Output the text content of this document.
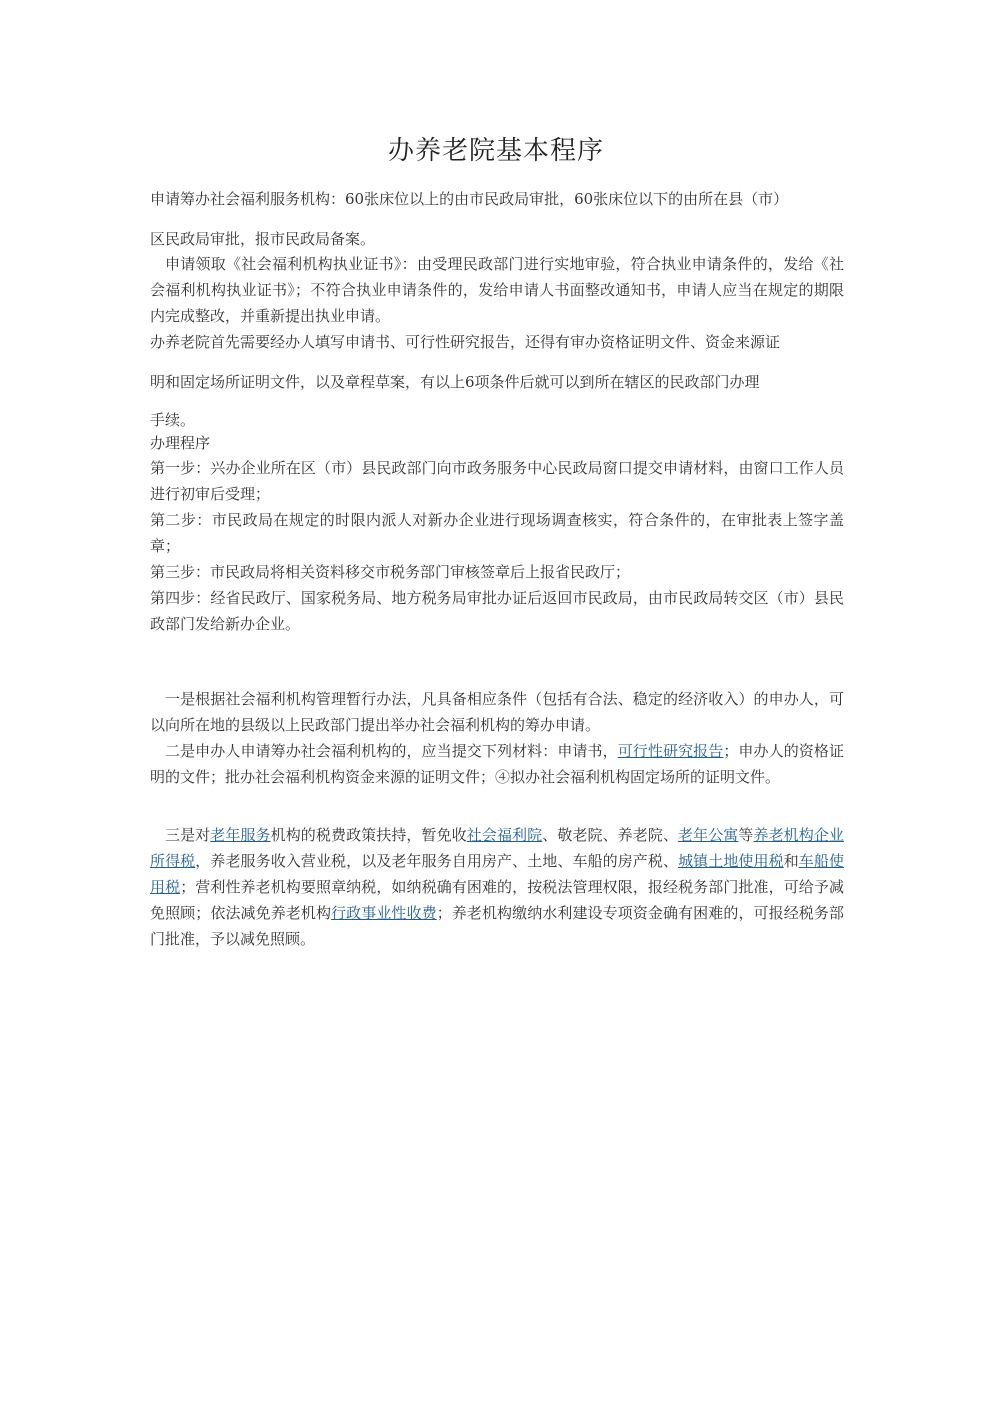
办养老院基本程序
申请筹办社会福利服务机构：60张床位以上的由市民政局审批，60张床位以下的由所在县（市）
区民政局审批，报市民政局备案。
申请领取《社会福利机构执业证书》：由受理民政部门进行实地审验，符合执业申请条件的，发给《社会福利机构执业证书》；不符合执业申请条件的，发给申请人书面整改通知书，申请人应当在规定的期限内完成整改，并重新提出执业申请。
办养老院首先需要经办人填写申请书、可行性研究报告，还得有审办资格证明文件、资金来源证
明和固定场所证明文件，以及章程草案，有以上6项条件后就可以到所在辖区的民政部门办理
手续。
办理程序
第一步：兴办企业所在区（市）县民政部门向市政务服务中心民政局窗口提交申请材料，由窗口工作人员进行初审后受理；
第二步：市民政局在规定的时限内派人对新办企业进行现场调查核实，符合条件的，在审批表上签字盖章；
第三步：市民政局将相关资料移交市税务部门审核签章后上报省民政厅；
第四步：经省民政厅、国家税务局、地方税务局审批办证后返回市民政局，由市民政局转交区（市）县民政部门发给新办企业。
一是根据社会福利机构管理暂行办法，凡具备相应条件（包括有合法、稳定的经济收入）的申办人，可以向所在地的县级以上民政部门提出举办社会福利机构的筹办申请。
二是申办人申请筹办社会福利机构的，应当提交下列材料：申请书，可行性研究报告；申办人的资格证明的文件；批办社会福利机构资金来源的证明文件；④拟办社会福利机构固定场所的证明文件。
三是对老年服务机构的税费政策扶持，暂免收社会福利院、敬老院、养老院、老年公寓等养老机构企业所得税，养老服务收入营业税，以及老年服务自用房产、土地、车船的房产税、城镇土地使用税和车船使用税；营利性养老机构要照章纳税，如纳税确有困难的，按税法管理权限，报经税务部门批准，可给予减免照顾；依法减免养老机构行政事业性收费；养老机构缴纳水利建设专项资金确有困难的，可报经税务部门批准，予以减免照顾。
